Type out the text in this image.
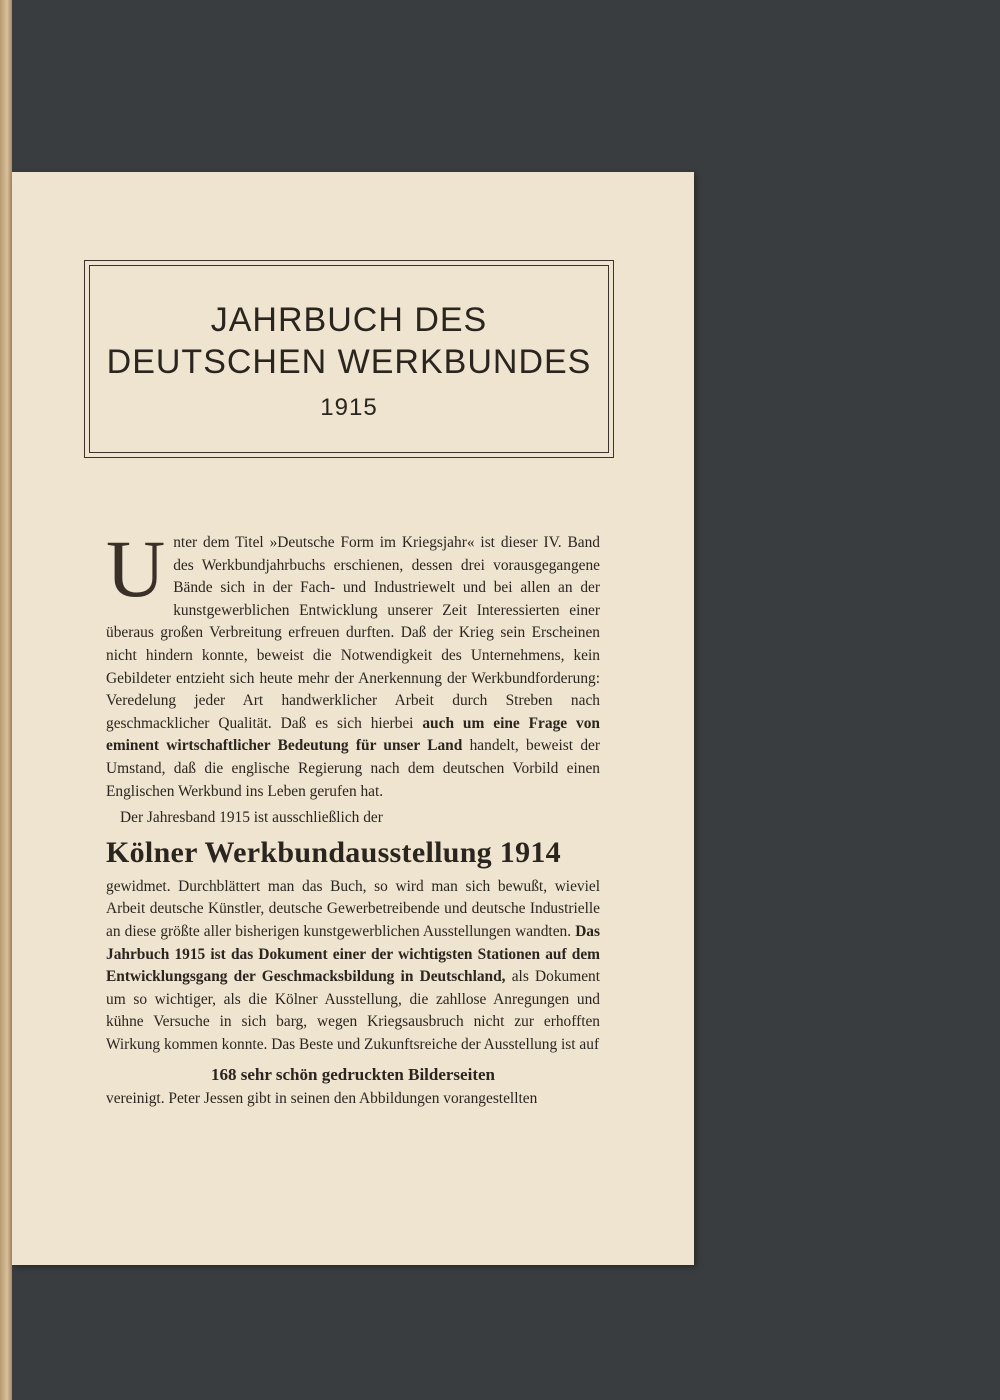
JAHRBUCH DES
DEUTSCHEN WERKBUNDES
1915

Unter dem Titel »Deutsche Form im Kriegsjahr« ist dieser IV. Band des Werkbundjahrbuchs erschienen, dessen drei vorausgegangene Bände sich in der Fach- und Industriewelt und bei allen an der kunstgewerblichen Entwicklung unserer Zeit Interessierten einer überaus großen Verbreitung erfreuen durften. Daß der Krieg sein Erscheinen nicht hindern konnte, beweist die Notwendigkeit des Unternehmens, kein Gebildeter entzieht sich heute mehr der Anerkennung der Werkbundforderung: Veredelung jeder Art handwerklicher Arbeit durch Streben nach geschmacklicher Qualität. Daß es sich hierbei auch um eine Frage von eminent wirtschaftlicher Bedeutung für unser Land handelt, beweist der Umstand, daß die englische Regierung nach dem deutschen Vorbild einen Englischen Werkbund ins Leben gerufen hat.

Der Jahresband 1915 ist ausschließlich der

Kölner Werkbundausstellung 1914

gewidmet. Durchblättert man das Buch, so wird man sich bewußt, wieviel Arbeit deutsche Künstler, deutsche Gewerbetreibende und deutsche Industrielle an diese größte aller bisherigen kunstgewerblichen Ausstellungen wandten. Das Jahrbuch 1915 ist das Dokument einer der wichtigsten Stationen auf dem Entwicklungsgang der Geschmacksbildung in Deutschland, als Dokument um so wichtiger, als die Kölner Ausstellung, die zahllose Anregungen und kühne Versuche in sich barg, wegen Kriegsausbruch nicht zur erhofften Wirkung kommen konnte. Das Beste und Zukunftsreiche der Ausstellung ist auf

168 sehr schön gedruckten Bilderseiten

vereinigt. Peter Jessen gibt in seinen den Abbildungen vorangestellten
